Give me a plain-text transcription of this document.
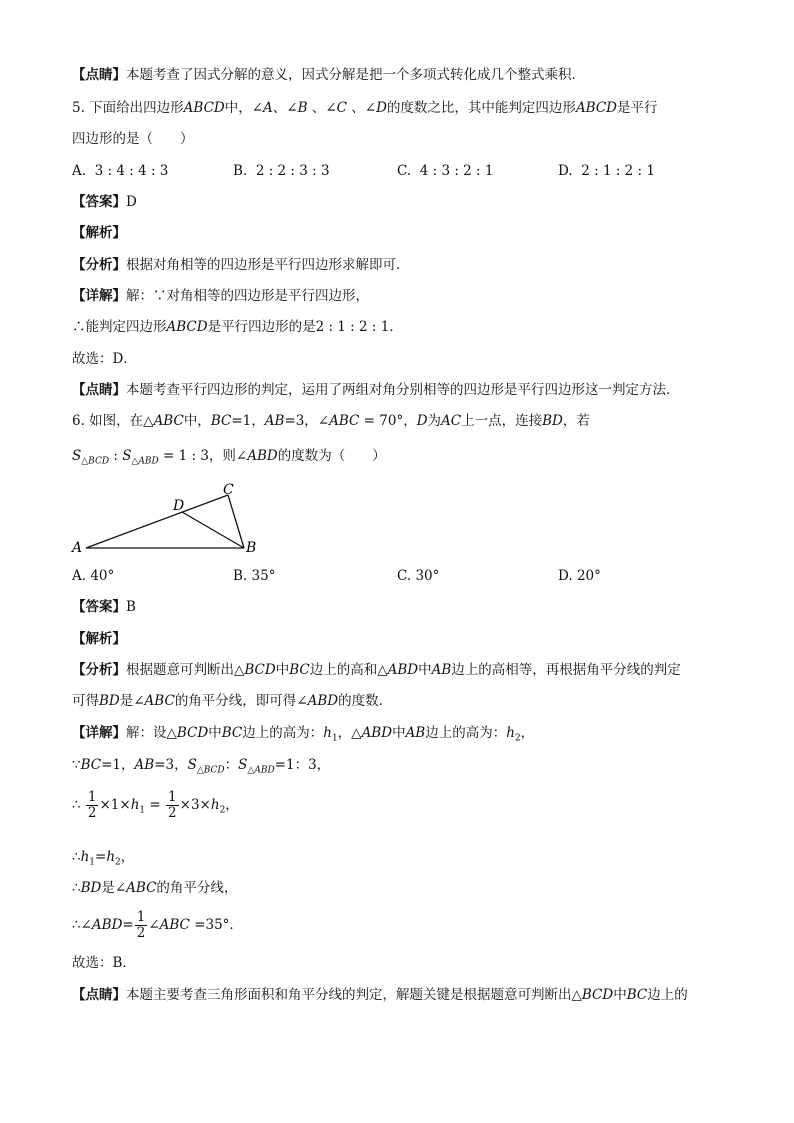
【点睛】本题考查了因式分解的意义，因式分解是把一个多项式转化成几个整式乘积．
5. 下面给出四边形ABCD中，∠A、∠B 、∠C 、∠D的度数之比，其中能判定四边形ABCD是平行
四边形的是（　　）
A. 3 : 4 : 4 : 3	B. 2 : 2 : 3 : 3	C. 4 : 3 : 2 : 1	D. 2 : 1 : 2 : 1
【答案】D
【解析】
【分析】根据对角相等的四边形是平行四边形求解即可．
【详解】解：∵对角相等的四边形是平行四边形，
∴能判定四边形ABCD是平行四边形的是2 : 1 : 2 : 1．
故选：D．
【点睛】本题考查平行四边形的判定，运用了两组对角分别相等的四边形是平行四边形这一判定方法．
6. 如图，在△ABC中，BC=1，AB=3，∠ABC = 70°，D为AC上一点，连接BD，若
$S_{\triangle BCD}$ : $S_{\triangle ABD} = 1$ : 3，则∠ABD的度数为（　　）
A	B
C
D
A. 40°	B. 35°	C. 30°	D. 20°
【答案】B
【解析】
【分析】根据题意可判断出△BCD中BC边上的高和△ABD中AB边上的高相等，再根据角平分线的判定
可得BD是∠ABC的角平分线，即可得∠ABD的度数．
【详解】解：设△BCD中BC边上的高为：$h_1$，△ABD中AB边上的高为：$h_2$，
∵BC=1，AB=3，$S_{\triangle BCD}$：$S_{\triangle ABD}=1$：3，
∴ $\frac{1}{2} \times 1\times h_1 = \frac{1}{2} \times 3\times h_2$，
$\therefore h_1=h_2$，
∴BD是∠ABC的角平分线，
∴∠ABD= $\frac{1}{2}$ ∠ABC =35°．
故选：B．
【点睛】本题主要考查三角形面积和角平分线的判定，解题关键是根据题意可判断出△BCD中BC边上的
